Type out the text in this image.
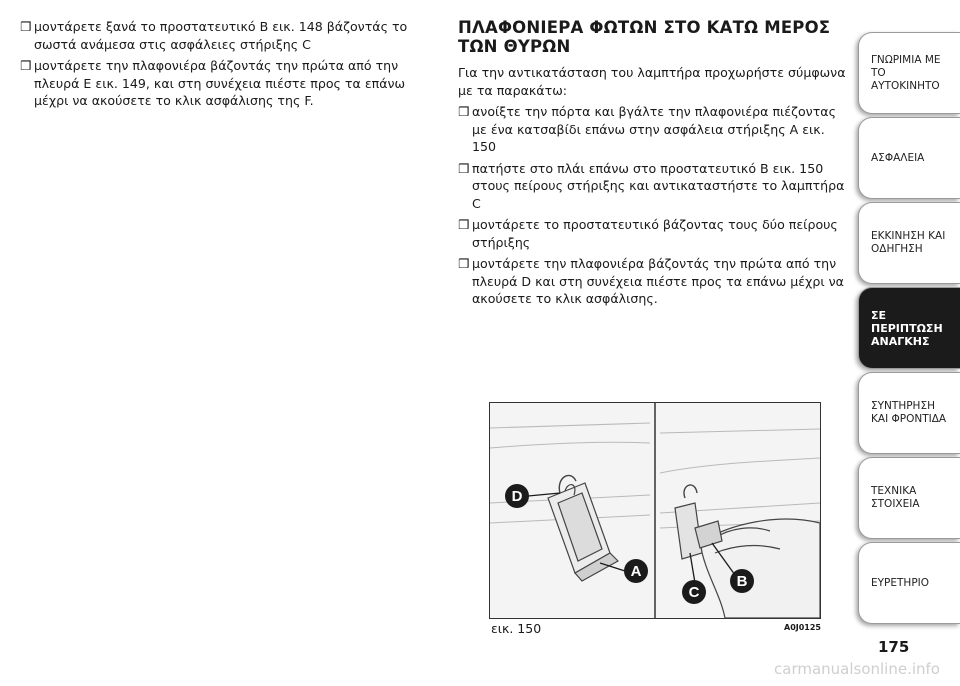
❒ μοντάρετε ξανά το προστατευτικό B εικ. 148 βάζοντάς το σωστά ανάμεσα στις ασφάλειες στήριξης C
❒ μοντάρετε την πλαφονιέρα βάζοντάς την πρώτα από την πλευρά E εικ. 149, και στη συνέχεια πιέστε προς τα επάνω μέχρι να ακούσετε το κλικ ασφάλισης της F.
ΠΛΑΦΟΝΙΕΡΑ ΦΩΤΩΝ ΣΤΟ ΚΑΤΩ ΜΕΡΟΣ ΤΩΝ ΘΥΡΩΝ
Για την αντικατάσταση του λαμπτήρα προχωρήστε σύμφωνα με τα παρακάτω:
❒ ανοίξτε την πόρτα και βγάλτε την πλαφονιέρα πιέζοντας με ένα κατσαβίδι επάνω στην ασφάλεια στήριξης A εικ. 150
❒ πατήστε στο πλάι επάνω στο προστατευτικό B εικ. 150 στους πείρους στήριξης και αντικαταστήστε το λαμπτήρα C
❒ μοντάρετε το προστατευτικό βάζοντας τους δύο πείρους στήριξης
❒ μοντάρετε την πλαφονιέρα βάζοντάς την πρώτα από την πλευρά D και στη συνέχεια πιέστε προς τα επάνω μέχρι να ακούσετε το κλικ ασφάλισης.
D
A
C
B
εικ. 150	A0J0125
ΓΝΩΡΙΜΙΑ ΜΕ ΤΟ ΑΥΤΟΚΙΝΗΤΟ
ΑΣΦΑΛΕΙΑ
ΕΚΚΙΝΗΣΗ ΚΑΙ ΟΔΗΓΗΣΗ
ΣΕ ΠΕΡΙΠΤΩΣΗ ΑΝΑΓΚΗΣ
ΣΥΝΤΗΡΗΣΗ ΚΑΙ ΦΡΟΝΤΙΔΑ
ΤΕΧΝΙΚΑ ΣΤΟΙΧΕΙΑ
ΕΥΡΕΤΗΡΙΟ
175
carmanualsonline.info
